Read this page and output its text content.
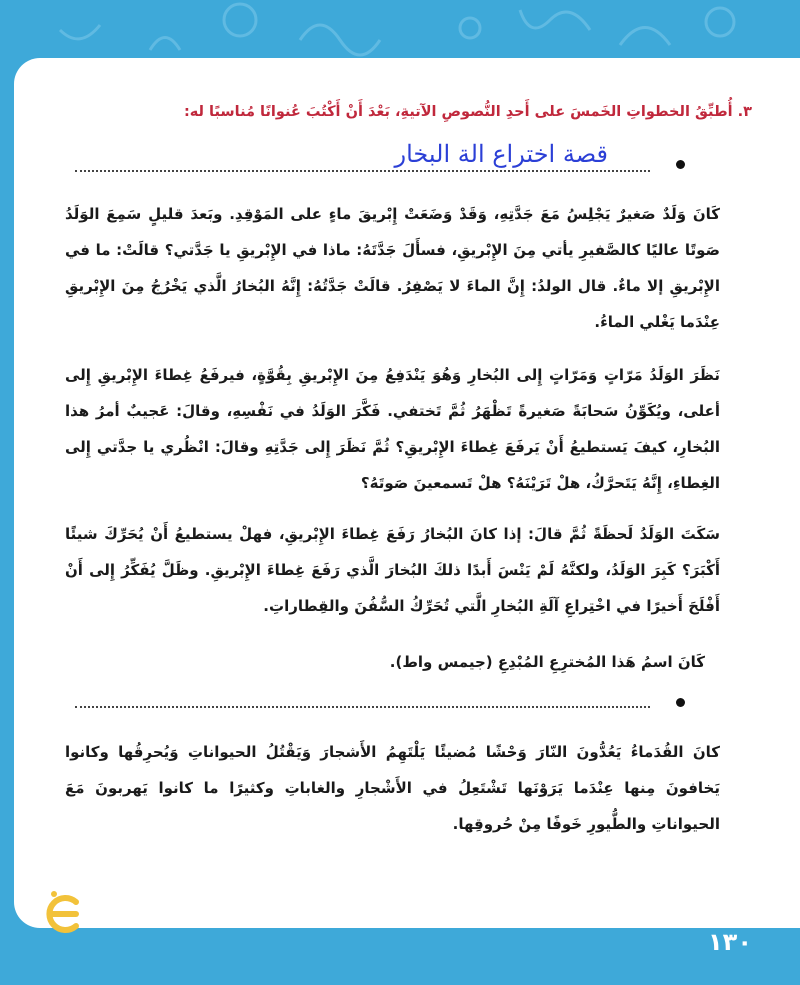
٣. أُطبِّقُ الخطواتِ الخَمسَ على أَحدِ النُّصوصِ الآتيةِ، بَعْدَ أَنْ أَكْتُبَ عُنوانًا مُناسبًا له:
قصة اختراع الة البخار
كَانَ وَلَدٌ صَغيرٌ يَجْلِسُ مَعَ جَدَّتِهِ، وَقَدْ وَضَعَتْ إِبْريقَ ماءٍ على المَوْقِدِ. وبَعدَ قليلٍ سَمِعَ الوَلَدُ صَوتًا عاليًا كالصَّفيرِ يأتي مِنَ الإِبْريقِ، فسأَلَ جَدَّتَهُ: ماذا في الإِبْريقِ يا جَدَّتي؟ قالَتْ: ما في الإِبْريقِ إلا ماءٌ. قال الولدُ: إِنَّ الماءَ لا يَصْفِرُ. قالَتْ جَدَّتُهُ: إِنَّهُ البُخارُ الَّذي يَخْرُجُ مِنَ الإِبْريقِ عِنْدَما يَغْلي الماءُ.
نَظَرَ الوَلَدُ مَرّاتٍ وَمَرّاتٍ إِلى البُخارِ وَهُوَ يَنْدَفِعُ مِنَ الإِبْريقِ بِقُوَّةٍ، فيرفَعُ غِطاءَ الإِبْريقِ إِلى أعلى، ويُكَوِّنُ سَحابَةً صَغيرةً تَظْهَرُ ثُمَّ تَختفي. فَكَّرَ الوَلَدُ في نَفْسِهِ، وقالَ: عَجيبٌ أمرُ هذا البُخارِ، كيفَ يَستطيعُ أَنْ يَرفَعَ غِطاءَ الإِبْريقِ؟ ثُمَّ نَظَرَ إِلى جَدَّتِهِ وقالَ: انْظُري يا جدَّتي إِلى الغِطاءِ، إِنَّهُ يَتَحرَّكُ، هلْ تَرَيْنَهُ؟ هلْ تَسمعينَ صَوتَهُ؟
سَكَتَ الوَلَدُ لَحظَةً ثُمَّ قالَ: إذا كانَ البُخارُ رَفَعَ غِطاءَ الإِبْريقِ، فهلْ يستطيعُ أَنْ يُحَرِّكَ شيئًا أَكْبَرَ؟ كَبِرَ الوَلَدُ، ولكنَّهُ لَمْ يَنْسَ أَبدًا ذلكَ البُخارَ الَّذي رَفَعَ غِطاءَ الإِبْريقِ. وظَلَّ يُفَكِّرُ إِلى أَنْ أَفْلَحَ أَخيرًا في اخْتِراعِ آلَةِ البُخارِ الَّتي تُحَرِّكُ السُّفُنَ والقِطاراتِ.
كَانَ اسمُ هَذا المُخترِعِ المُبْدِعِ (جيمس واط).
كانَ القُدَماءُ يَعُدُّونَ النّارَ وَحْشًا مُضيئًا يَلْتَهِمُ الأَشجارَ وَيَقْتُلُ الحيواناتِ وَيُحرِقُها وكانوا يَخافونَ مِنها عِنْدَما يَرَوْنَها تَشْتَعِلُ في الأَشْجارِ والغاباتِ وكثيرًا ما كانوا يَهربونَ مَعَ الحيواناتِ والطُّيورِ خَوفًا مِنْ حُروقِها.
١٣٠
